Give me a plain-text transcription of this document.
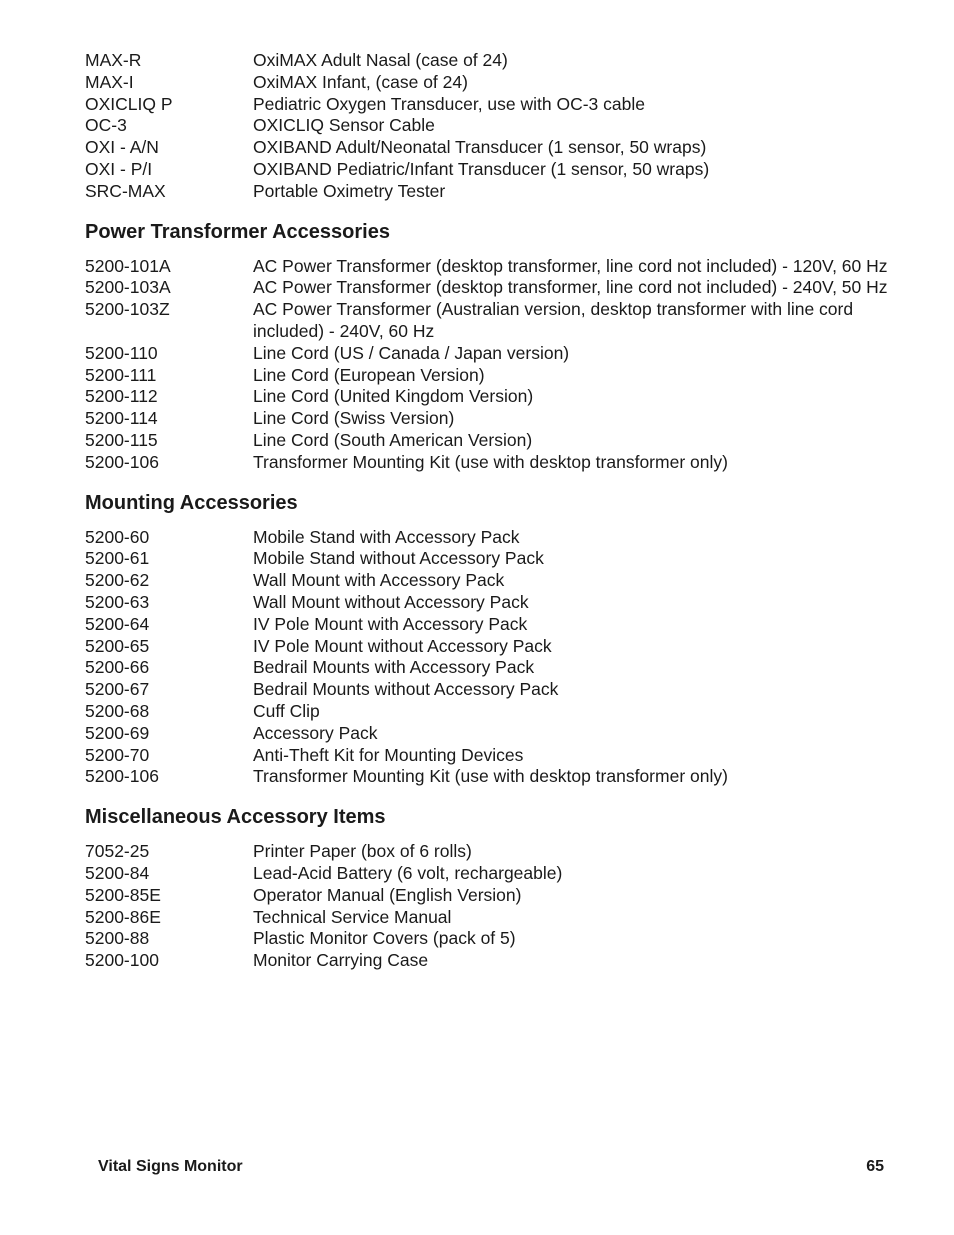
MAX-R	OxiMAX Adult Nasal (case of 24)
MAX-I	OxiMAX Infant, (case of 24)
OXICLIQ P	Pediatric Oxygen Transducer, use with OC-3 cable
OC-3	OXICLIQ Sensor Cable
OXI - A/N	OXIBAND Adult/Neonatal Transducer (1 sensor, 50 wraps)
OXI - P/I	OXIBAND Pediatric/Infant Transducer (1 sensor, 50 wraps)
SRC-MAX	Portable Oximetry Tester
Power Transformer Accessories
5200-101A	AC Power Transformer (desktop transformer, line cord not included) - 120V, 60 Hz
5200-103A	AC Power Transformer (desktop transformer, line cord not included) - 240V, 50 Hz
5200-103Z	AC Power Transformer (Australian version, desktop transformer with line cord included) - 240V, 60 Hz
5200-110	Line Cord (US / Canada / Japan version)
5200-111	Line Cord (European Version)
5200-112	Line Cord (United Kingdom Version)
5200-114	Line Cord (Swiss Version)
5200-115	Line Cord (South American Version)
5200-106	Transformer Mounting Kit (use with desktop transformer only)
Mounting Accessories
5200-60	Mobile Stand with Accessory Pack
5200-61	Mobile Stand without Accessory Pack
5200-62	Wall Mount with Accessory Pack
5200-63	Wall Mount without Accessory Pack
5200-64	IV Pole Mount with Accessory Pack
5200-65	IV Pole Mount without Accessory Pack
5200-66	Bedrail Mounts with Accessory Pack
5200-67	Bedrail Mounts without Accessory Pack
5200-68	Cuff Clip
5200-69	Accessory Pack
5200-70	Anti-Theft Kit for Mounting Devices
5200-106	Transformer Mounting Kit (use with desktop transformer only)
Miscellaneous Accessory Items
7052-25	Printer Paper (box of 6 rolls)
5200-84	Lead-Acid Battery (6 volt, rechargeable)
5200-85E	Operator Manual (English Version)
5200-86E	Technical Service Manual
5200-88	Plastic Monitor Covers (pack of 5)
5200-100	Monitor Carrying Case
Vital Signs Monitor	65
